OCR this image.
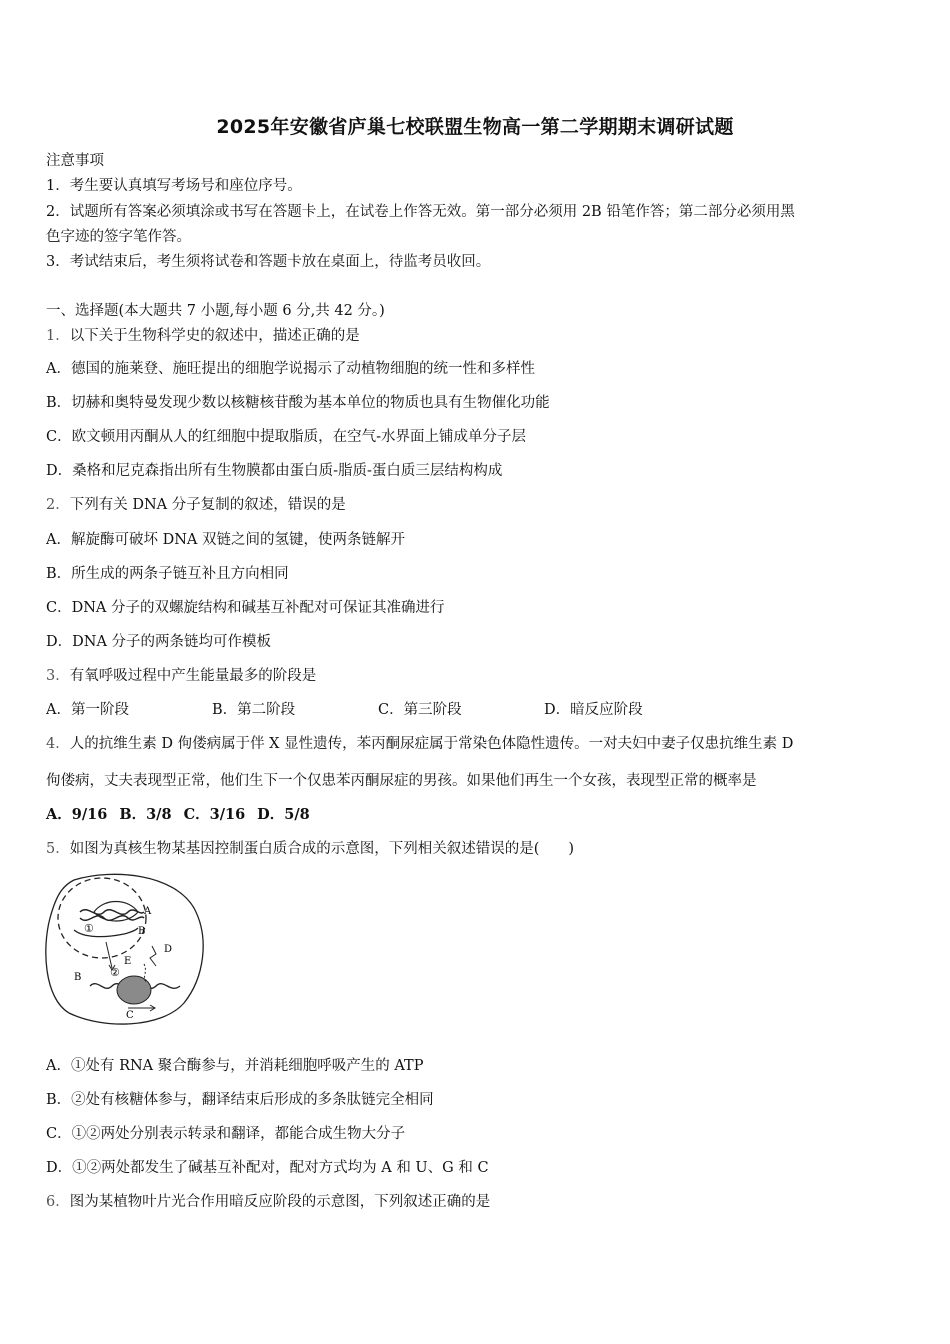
2025年安徽省庐巢七校联盟生物高一第二学期期末调研试题
注意事项
1．考生要认真填写考场号和座位序号。
2．试题所有答案必须填涂或书写在答题卡上，在试卷上作答无效。第一部分必须用 2B 铅笔作答；第二部分必须用黑
色字迹的签字笔作答。
3．考试结束后，考生须将试卷和答题卡放在桌面上，待监考员收回。
一、选择题(本大题共 7 小题,每小题 6 分,共 42 分。)
1．以下关于生物科学史的叙述中，描述正确的是
A．德国的施莱登、施旺提出的细胞学说揭示了动植物细胞的统一性和多样性
B．切赫和奥特曼发现少数以核糖核苷酸为基本单位的物质也具有生物催化功能
C．欧文顿用丙酮从人的红细胞中提取脂质，在空气-水界面上铺成单分子层
D．桑格和尼克森指出所有生物膜都由蛋白质-脂质-蛋白质三层结构构成
2．下列有关 DNA 分子复制的叙述，错误的是
A．解旋酶可破坏 DNA 双链之间的氢键，使两条链解开
B．所生成的两条子链互补且方向相同
C．DNA 分子的双螺旋结构和碱基互补配对可保证其准确进行
D．DNA 分子的两条链均可作模板
3．有氧呼吸过程中产生能量最多的阶段是
A．第一阶段	B．第二阶段	C．第三阶段	D．暗反应阶段
4．人的抗维生素 D 佝偻病属于伴 X 显性遗传，苯丙酮尿症属于常染色体隐性遗传。一对夫妇中妻子仅患抗维生素 D
佝偻病，丈夫表现型正常，他们生下一个仅患苯丙酮尿症的男孩。如果他们再生一个女孩，表现型正常的概率是
A．9/16 B．3/8 C．3/16 D．5/8
5．如图为真核生物某基因控制蛋白质合成的示意图，下列相关叙述错误的是(　　)
A
B
①
D
E
B	②
C
A．①处有 RNA 聚合酶参与，并消耗细胞呼吸产生的 ATP
B．②处有核糖体参与，翻译结束后形成的多条肽链完全相同
C．①②两处分别表示转录和翻译，都能合成生物大分子
D．①②两处都发生了碱基互补配对，配对方式均为 A 和 U、G 和 C
6．图为某植物叶片光合作用暗反应阶段的示意图，下列叙述正确的是
